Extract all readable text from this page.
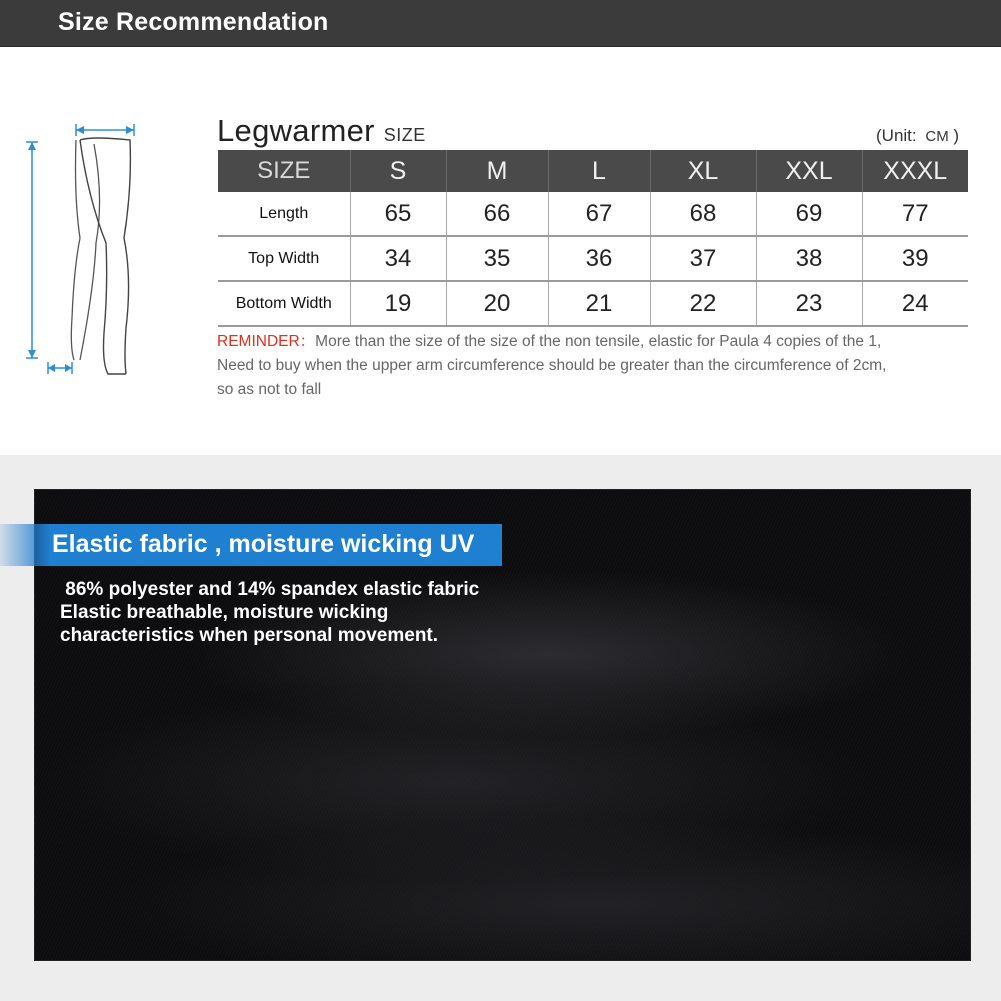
Size Recommendation
Legwarmer SIZE	(Unit: CM )
SIZE	S	M	L	XL	XXL	XXXL
Length	65	66	67	68	69	77
Top Width	34	35	36	37	38	39
Bottom Width	19	20	21	22	23	24
REMINDER：More than the size of the size of the non tensile, elastic for Paula 4 copies of the 1,
Need to buy when the upper arm circumference should be greater than the circumference of 2cm,
so as not to fall
Elastic fabric , moisture wicking UV
86% polyester and 14% spandex elastic fabric
Elastic breathable, moisture wicking
characteristics when personal movement.
